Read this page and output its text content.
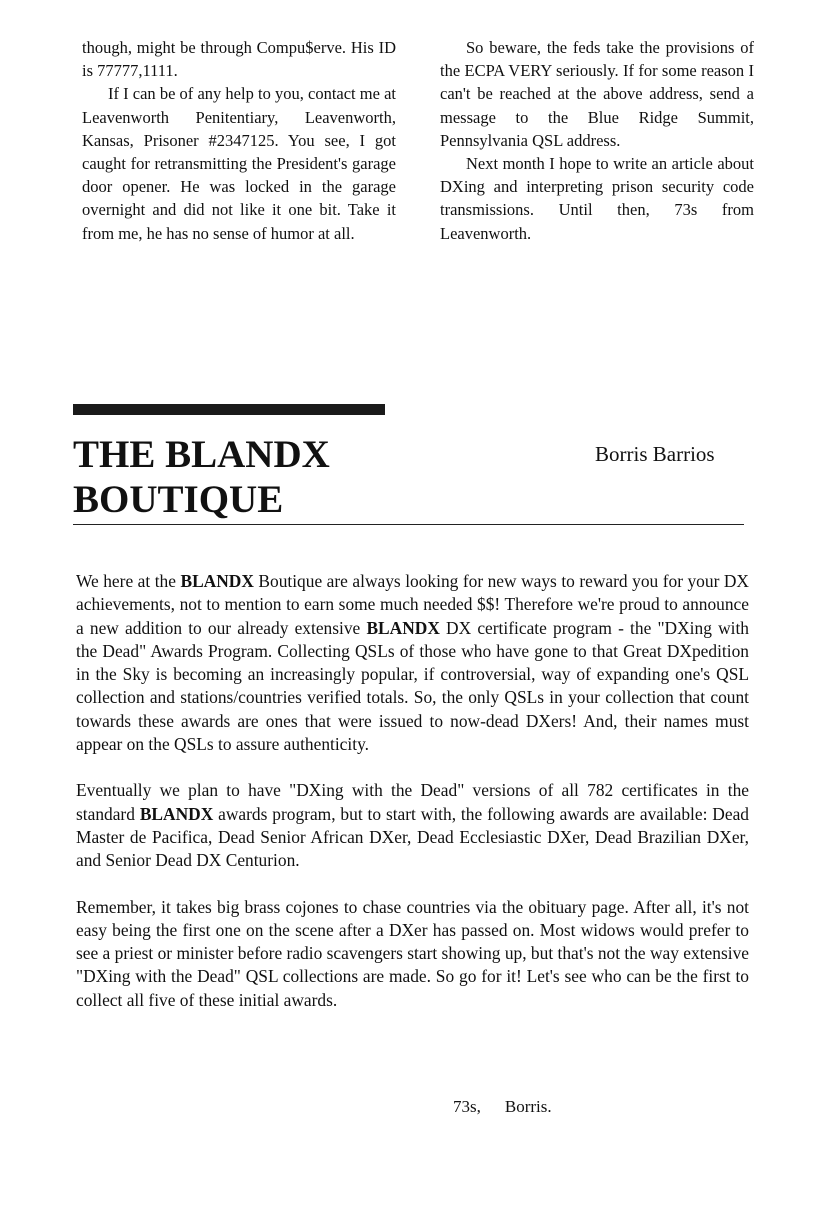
though, might be through Compu$erve. His ID is 77777,1111.

If I can be of any help to you, contact me at Leavenworth Penitentiary, Leavenworth, Kansas, Prisoner #2347125. You see, I got caught for retransmitting the President's garage door opener. He was locked in the garage overnight and did not like it one bit. Take it from me, he has no sense of humor at all.

So beware, the feds take the provisions of the ECPA VERY seriously. If for some reason I can't be reached at the above address, send a message to the Blue Ridge Summit, Pennsylvania QSL address.

Next month I hope to write an article about DXing and interpreting prison security code transmissions. Until then, 73s from Leavenworth.

THE BLANDX
BOUTIQUE
Borris Barrios

We here at the BLANDX Boutique are always looking for new ways to reward you for your DX achievements, not to mention to earn some much needed $$! Therefore we're proud to announce a new addition to our already extensive BLANDX DX certificate program - the "DXing with the Dead" Awards Program. Collecting QSLs of those who have gone to that Great DXpedition in the Sky is becoming an increasingly popular, if controversial, way of expanding one's QSL collection and stations/countries verified totals. So, the only QSLs in your collection that count towards these awards are ones that were issued to now-dead DXers! And, their names must appear on the QSLs to assure authenticity.

Eventually we plan to have "DXing with the Dead" versions of all 782 certificates in the standard BLANDX awards program, but to start with, the following awards are available: Dead Master de Pacifica, Dead Senior African DXer, Dead Ecclesiastic DXer, Dead Brazilian DXer, and Senior Dead DX Centurion.

Remember, it takes big brass cojones to chase countries via the obituary page. After all, it's not easy being the first one on the scene after a DXer has passed on. Most widows would prefer to see a priest or minister before radio scavengers start showing up, but that's not the way extensive "DXing with the Dead" QSL collections are made. So go for it! Let's see who can be the first to collect all five of these initial awards.

73s, Borris.
